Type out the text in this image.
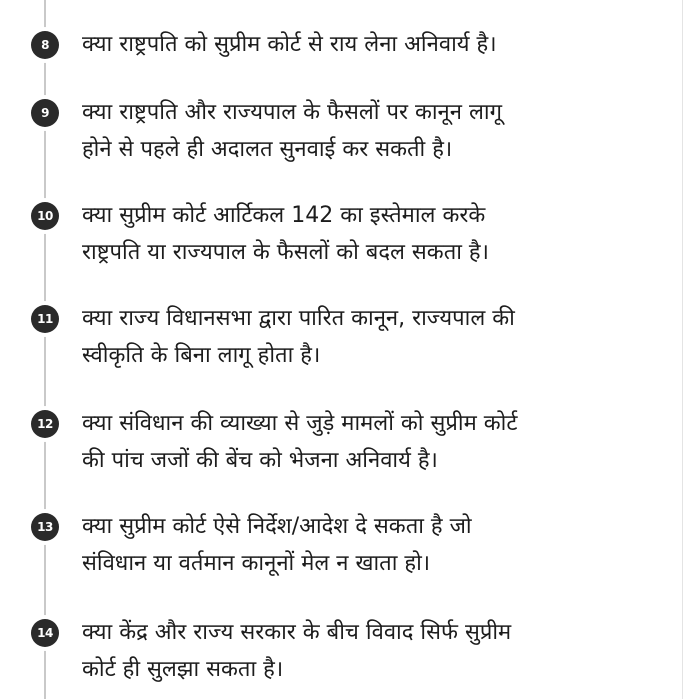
8	क्या राष्ट्रपति को सुप्रीम कोर्ट से राय लेना अनिवार्य है।
9	क्या राष्ट्रपति और राज्यपाल के फैसलों पर कानून लागू
होने से पहले ही अदालत सुनवाई कर सकती है।
10 क्या सुप्रीम कोर्ट आर्टिकल 142 का इस्तेमाल करके
राष्ट्रपति या राज्यपाल के फैसलों को बदल सकता है।
11 क्या राज्य विधानसभा द्वारा पारित कानून, राज्यपाल की
स्वीकृति के बिना लागू होता है।
12 क्या संविधान की व्याख्या से जुड़े मामलों को सुप्रीम कोर्ट
की पांच जजों की बेंच को भेजना अनिवार्य है।
13 क्या सुप्रीम कोर्ट ऐसे निर्देश/आदेश दे सकता है जो
संविधान या वर्तमान कानूनों मेल न खाता हो।
14 क्या केंद्र और राज्य सरकार के बीच विवाद सिर्फ सुप्रीम
कोर्ट ही सुलझा सकता है।
